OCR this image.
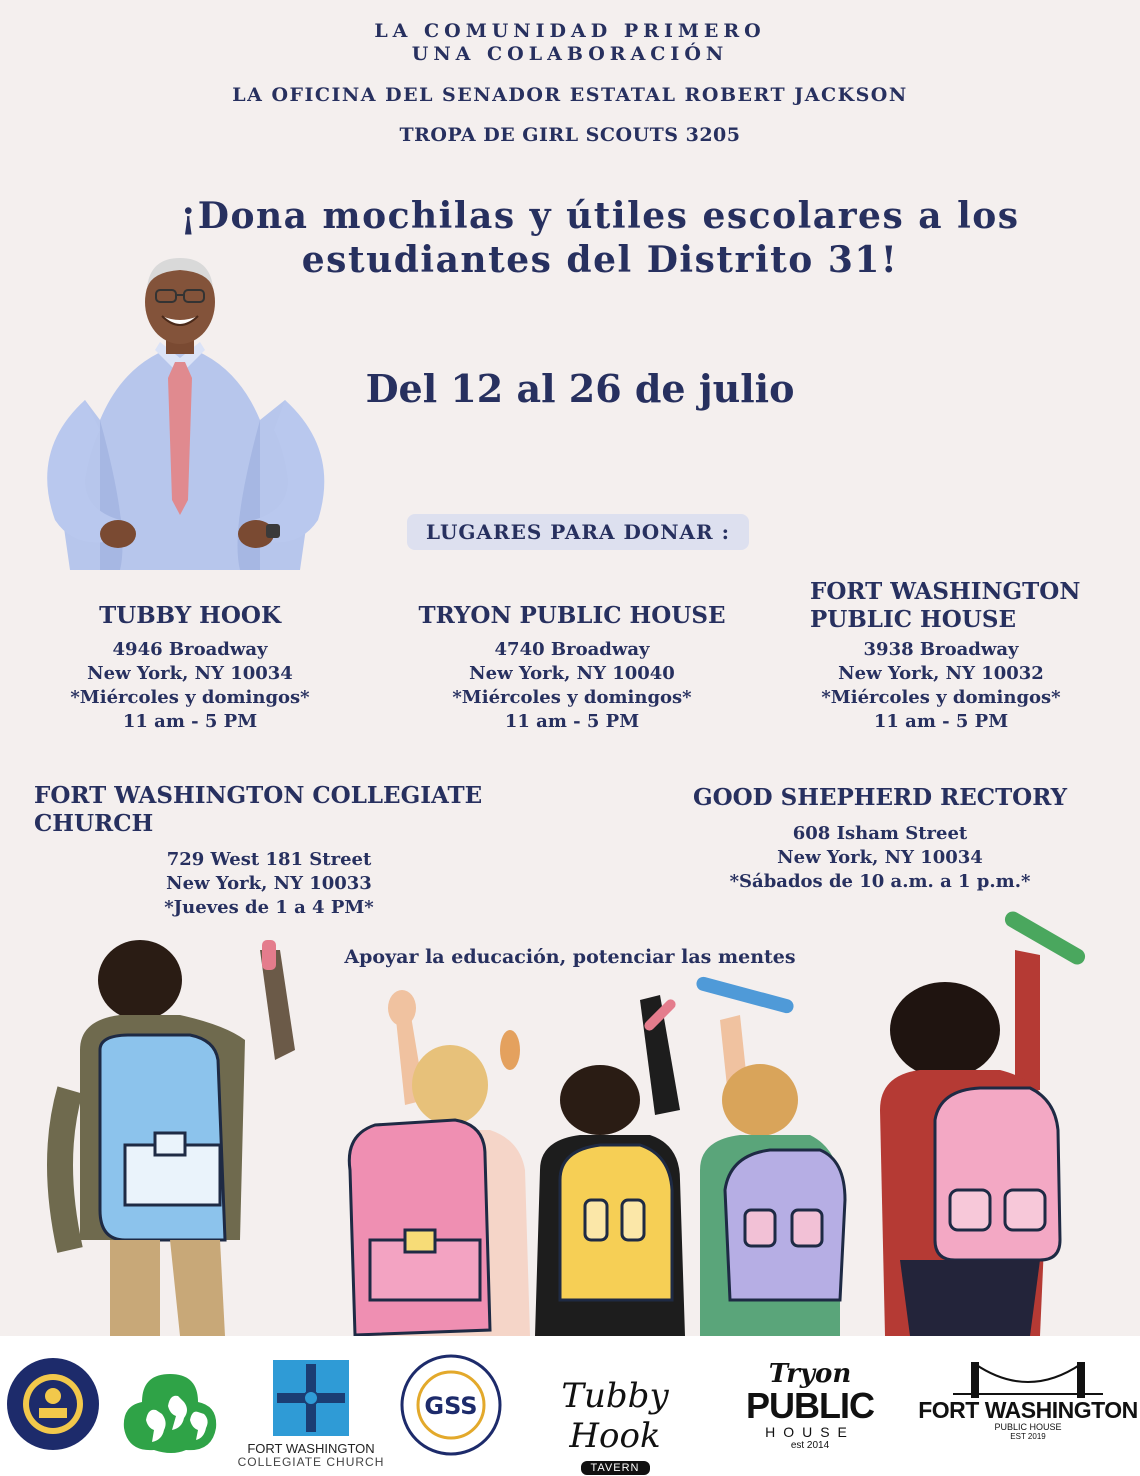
LA COMUNIDAD PRIMERO
UNA COLABORACIÓN
LA OFICINA DEL SENADOR ESTATAL ROBERT JACKSON
TROPA DE GIRL SCOUTS 3205
¡Dona mochilas y útiles escolares a los
estudiantes del Distrito 31!
Del 12 al 26 de julio
LUGARES PARA DONAR :
TUBBY HOOK
4946 Broadway
New York, NY 10034
*Miércoles y domingos*
11 am - 5 PM
TRYON PUBLIC HOUSE
4740 Broadway
New York, NY 10040
*Miércoles y domingos*
11 am - 5 PM
FORT WASHINGTON
PUBLIC HOUSE
3938 Broadway
New York, NY 10032
*Miércoles y domingos*
11 am - 5 PM
FORT WASHINGTON COLLEGIATE CHURCH
729 West 181 Street
New York, NY 10033
*Jueves de 1 a 4 PM*
GOOD SHEPHERD RECTORY
608 Isham Street
New York, NY 10034
*Sábados de 10 a.m. a 1 p.m.*
Apoyar la educación, potenciar las mentes
FORT WASHINGTON
COLLEGIATE CHURCH
GSS	Tubby Hook
TAVERN
Tryon
PUBLIC
HOUSE
est 2014
FORT WASHINGTON
PUBLIC HOUSE
EST 2019
